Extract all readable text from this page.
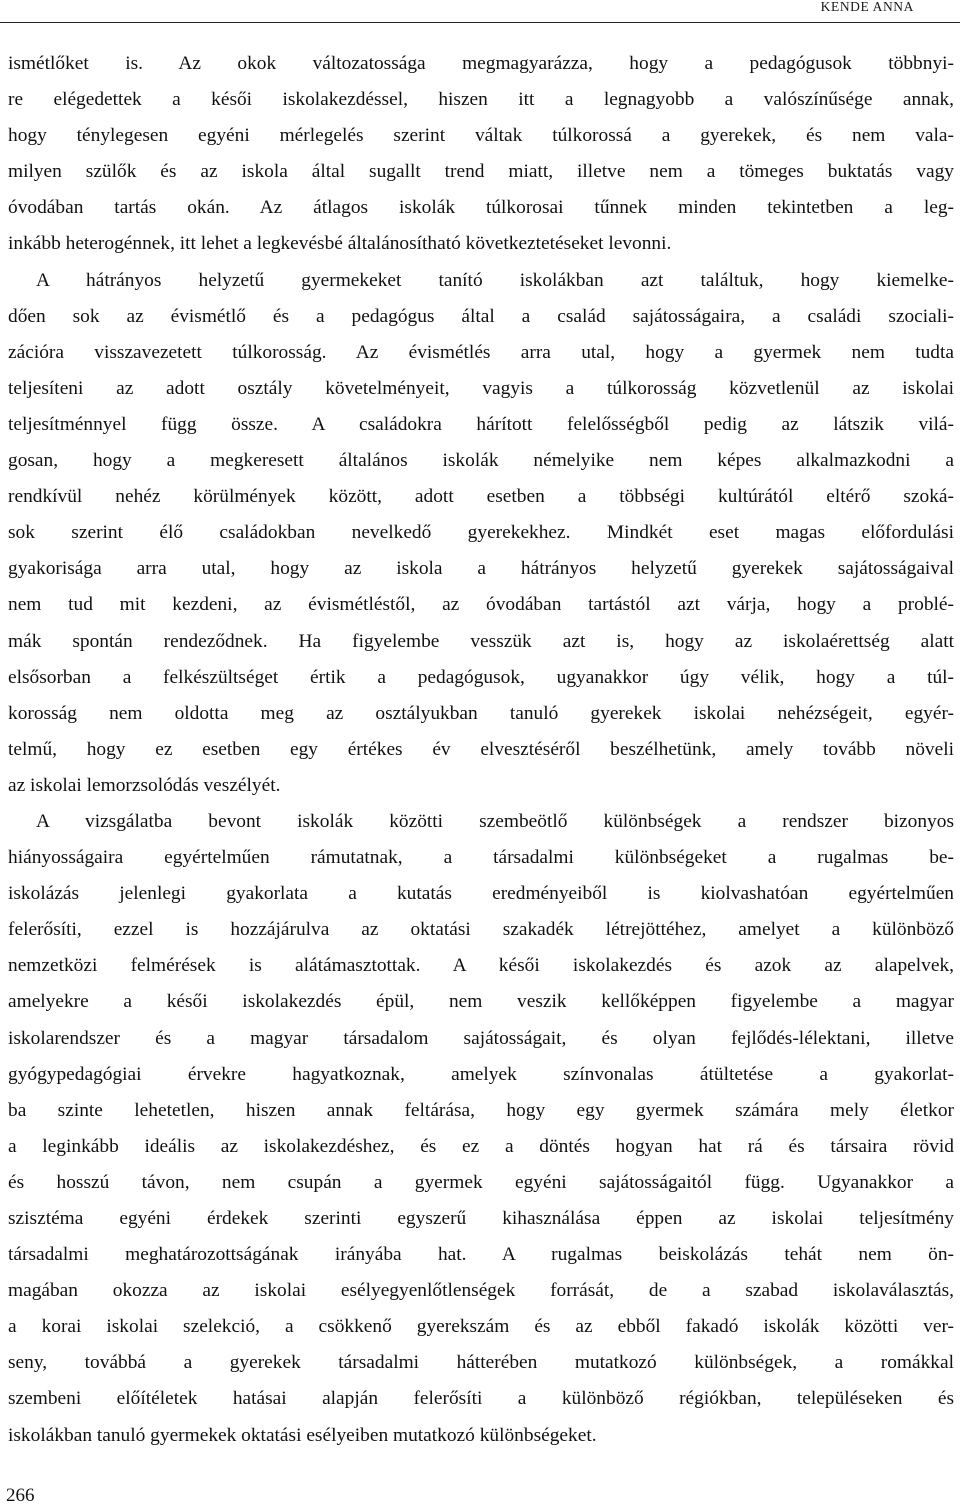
KENDE ANNA
ismétlőket is. Az okok változatossága megmagyarázza, hogy a pedagógusok többnyi-
re elégedettek a késői iskolakezdéssel, hiszen itt a legnagyobb a valószínűsége annak,
hogy ténylegesen egyéni mérlegelés szerint váltak túlkorossá a gyerekek, és nem vala-
milyen szülők és az iskola által sugallt trend miatt, illetve nem a tömeges buktatás vagy
óvodában tartás okán. Az átlagos iskolák túlkorosai tűnnek minden tekintetben a leg-
inkább heterogénnek, itt lehet a legkevésbé általánosítható következtetéseket levonni.
A hátrányos helyzetű gyermekeket tanító iskolákban azt találtuk, hogy kiemelke-
dően sok az évismétlő és a pedagógus által a család sajátosságaira, a családi szociali-
zációra visszavezetett túlkorosság. Az évismétlés arra utal, hogy a gyermek nem tudta
teljesíteni az adott osztály követelményeit, vagyis a túlkorosság közvetlenül az iskolai
teljesítménnyel függ össze. A családokra hárított felelősségből pedig az látszik vilá-
gosan, hogy a megkeresett általános iskolák némelyike nem képes alkalmazkodni a
rendkívül nehéz körülmények között, adott esetben a többségi kultúrától eltérő szoká-
sok szerint élő családokban nevelkedő gyerekekhez. Mindkét eset magas előfordulási
gyakorisága arra utal, hogy az iskola a hátrányos helyzetű gyerekek sajátosságaival
nem tud mit kezdeni, az évismétléstől, az óvodában tartástól azt várja, hogy a problé-
mák spontán rendeződnek. Ha figyelembe vesszük azt is, hogy az iskolaérettség alatt
elsősorban a felkészültséget értik a pedagógusok, ugyanakkor úgy vélik, hogy a túl-
korosság nem oldotta meg az osztályukban tanuló gyerekek iskolai nehézségeit, egyér-
telmű, hogy ez esetben egy értékes év elvesztéséről beszélhetünk, amely tovább növeli
az iskolai lemorzsolódás veszélyét.
A vizsgálatba bevont iskolák közötti szembeötlő különbségek a rendszer bizonyos
hiányosságaira egyértelműen rámutatnak, a társadalmi különbségeket a rugalmas be-
iskolázás jelenlegi gyakorlata a kutatás eredményeiből is kiolvashatóan egyértelműen
felerősíti, ezzel is hozzájárulva az oktatási szakadék létrejöttéhez, amelyet a különböző
nemzetközi felmérések is alátámasztottak. A késői iskolakezdés és azok az alapelvek,
amelyekre a késői iskolakezdés épül, nem veszik kellőképpen figyelembe a magyar
iskolarendszer és a magyar társadalom sajátosságait, és olyan fejlődés-lélektani, illetve
gyógypedagógiai érvekre hagyatkoznak, amelyek színvonalas átültetése a gyakorlat-
ba szinte lehetetlen, hiszen annak feltárása, hogy egy gyermek számára mely életkor
a leginkább ideális az iskolakezdéshez, és ez a döntés hogyan hat rá és társaira rövid
és hosszú távon, nem csupán a gyermek egyéni sajátosságaitól függ. Ugyanakkor a
szisztéma egyéni érdekek szerinti egyszerű kihasználása éppen az iskolai teljesítmény
társadalmi meghatározottságának irányába hat. A rugalmas beiskolázás tehát nem ön-
magában okozza az iskolai esélyegyenlőtlenségek forrását, de a szabad iskolaválasztás,
a korai iskolai szelekció, a csökkenő gyerekszám és az ebből fakadó iskolák közötti ver-
seny, továbbá a gyerekek társadalmi hátterében mutatkozó különbségek, a romákkal
szembeni előítéletek hatásai alapján felerősíti a különböző régiókban, településeken és
iskolákban tanuló gyermekek oktatási esélyeiben mutatkozó különbségeket.
266
